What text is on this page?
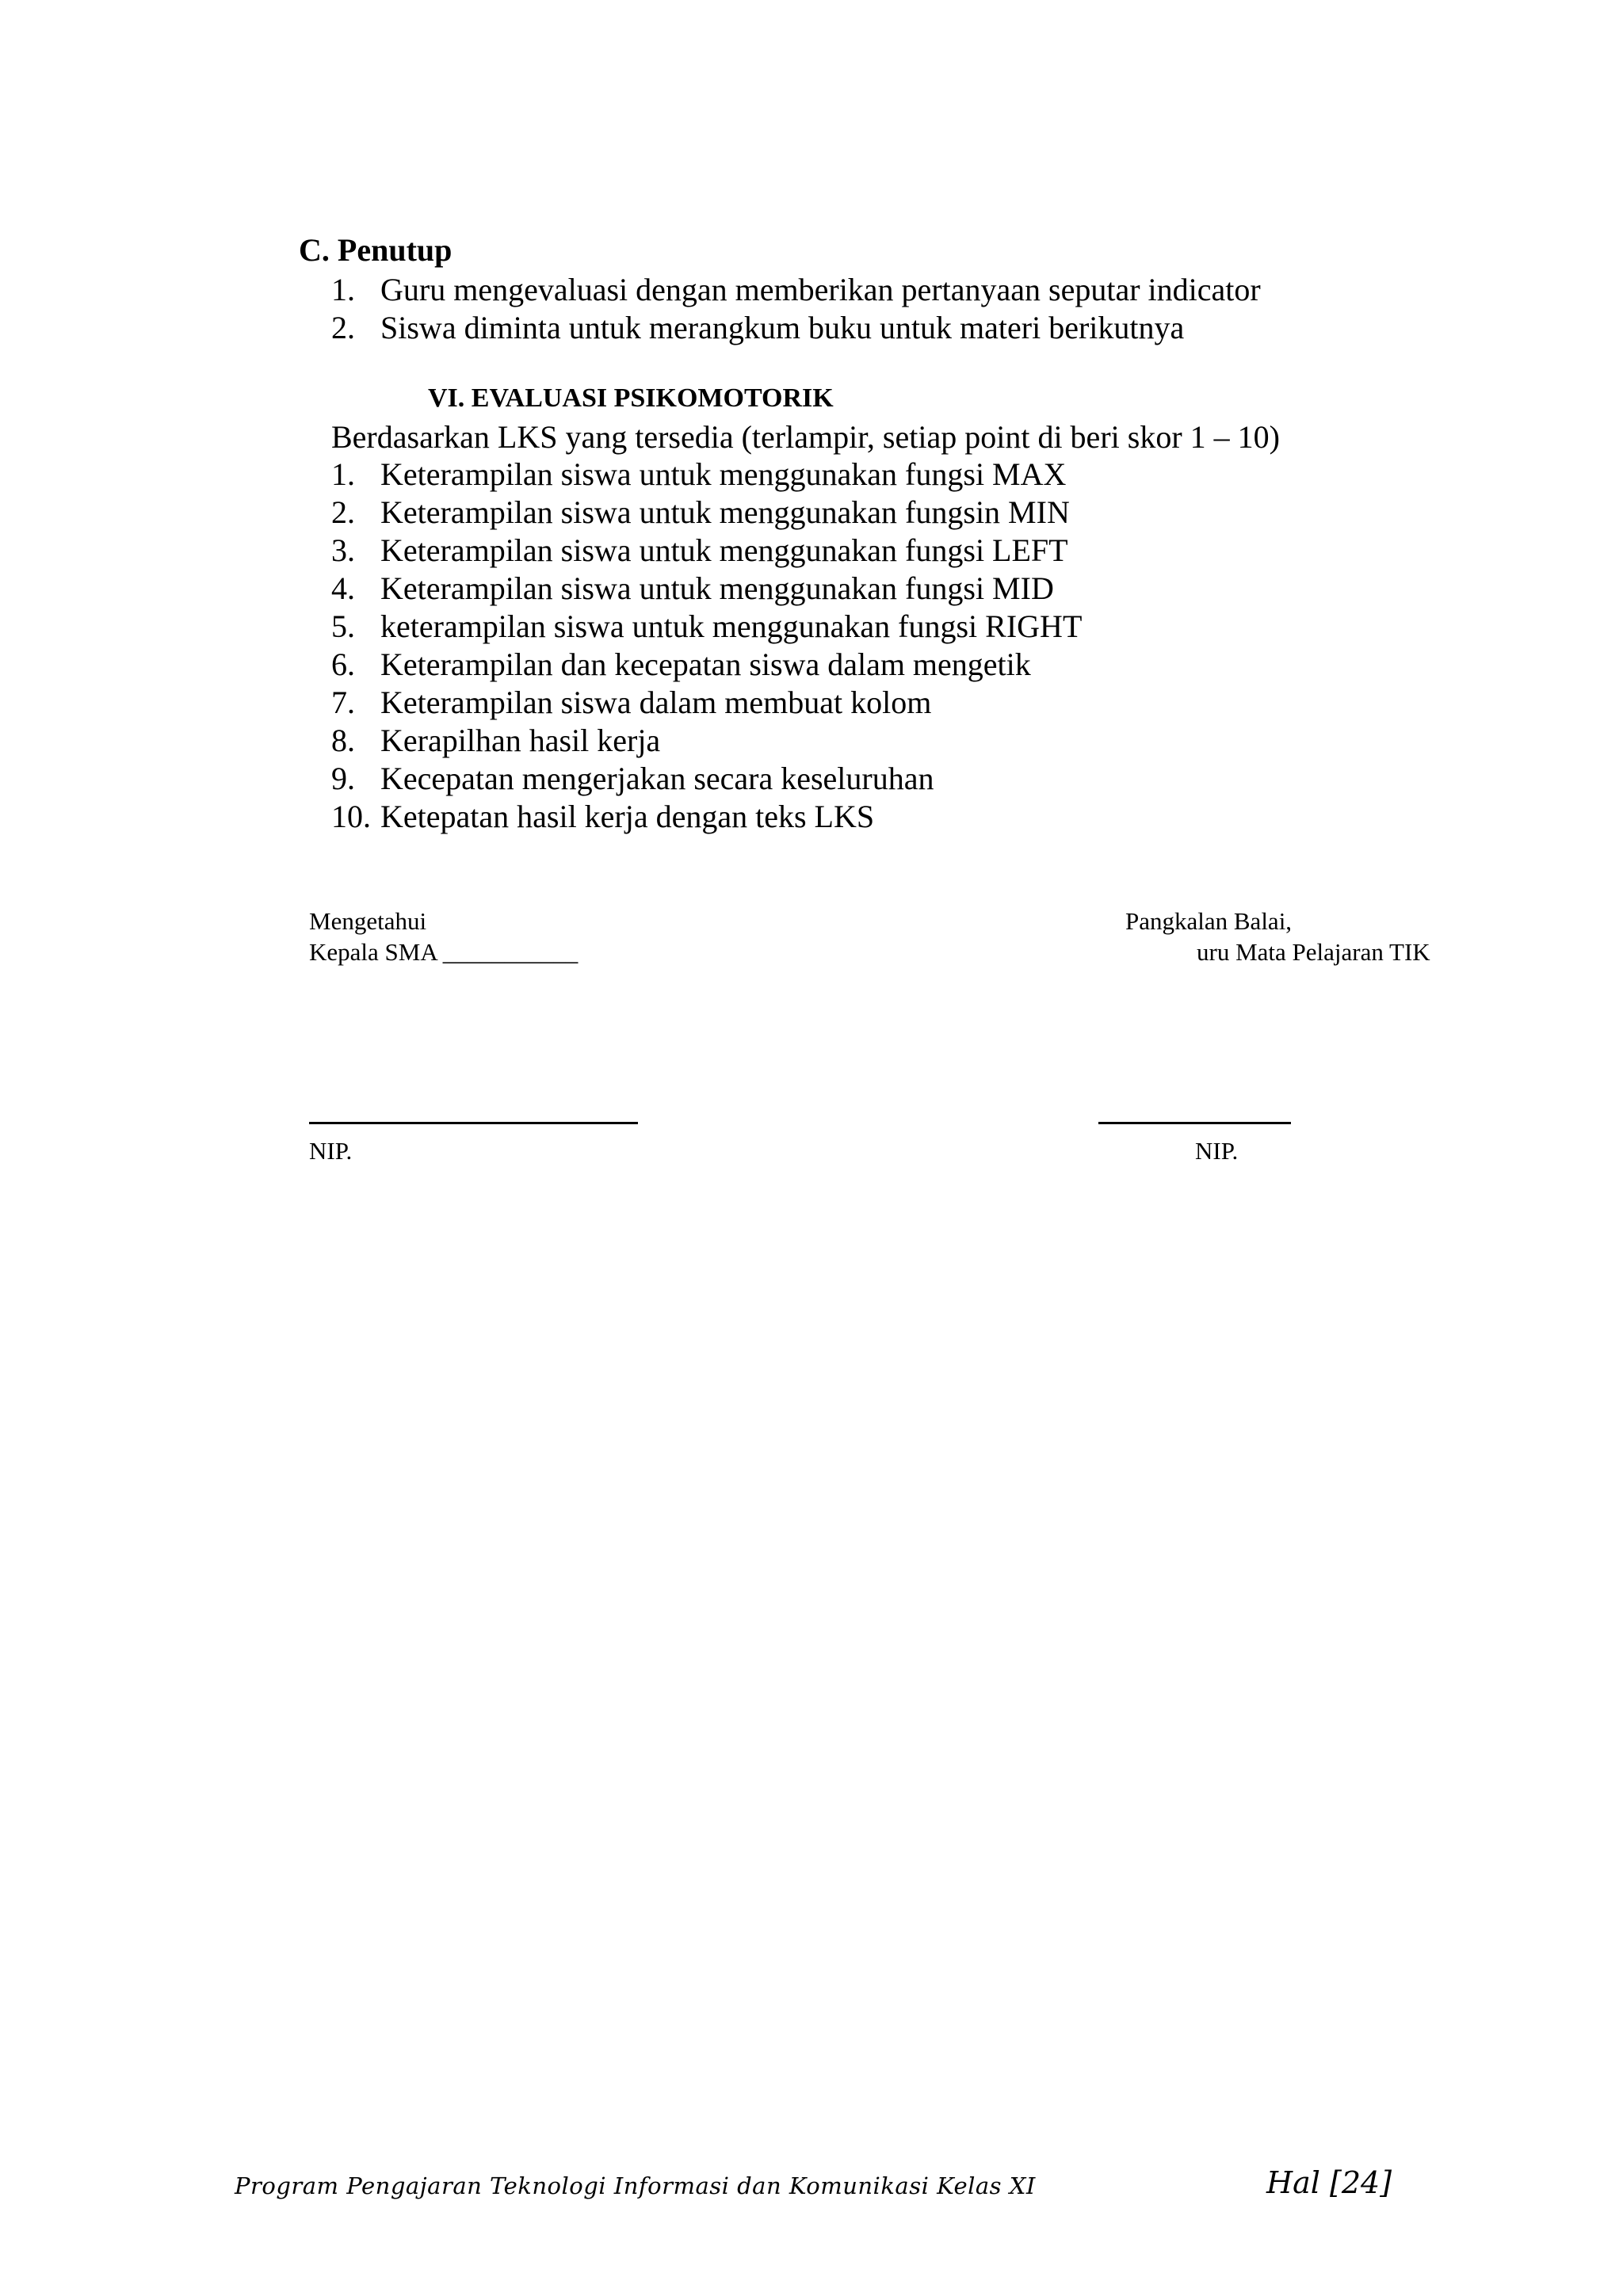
C. Penutup
1. Guru mengevaluasi dengan memberikan pertanyaan seputar indicator
2. Siswa diminta untuk merangkum buku untuk materi berikutnya
VI. EVALUASI PSIKOMOTORIK
Berdasarkan LKS yang tersedia (terlampir, setiap point di beri skor 1 – 10)
1. Keterampilan siswa untuk menggunakan fungsi MAX
2. Keterampilan siswa untuk menggunakan fungsin MIN
3. Keterampilan siswa untuk menggunakan fungsi LEFT
4. Keterampilan siswa untuk menggunakan fungsi MID
5. keterampilan siswa untuk menggunakan fungsi RIGHT
6. Keterampilan dan kecepatan siswa dalam mengetik
7. Keterampilan siswa dalam membuat kolom
8. Kerapilhan hasil kerja
9. Kecepatan mengerjakan secara keseluruhan
10. Ketepatan hasil kerja dengan teks LKS
Mengetahui
Kepala SMA ___________
Pangkalan Balai,
uru Mata Pelajaran TIK
NIP.	NIP.
Program Pengajaran Teknologi Informasi dan Komunikasi Kelas XI	Hal [24]
